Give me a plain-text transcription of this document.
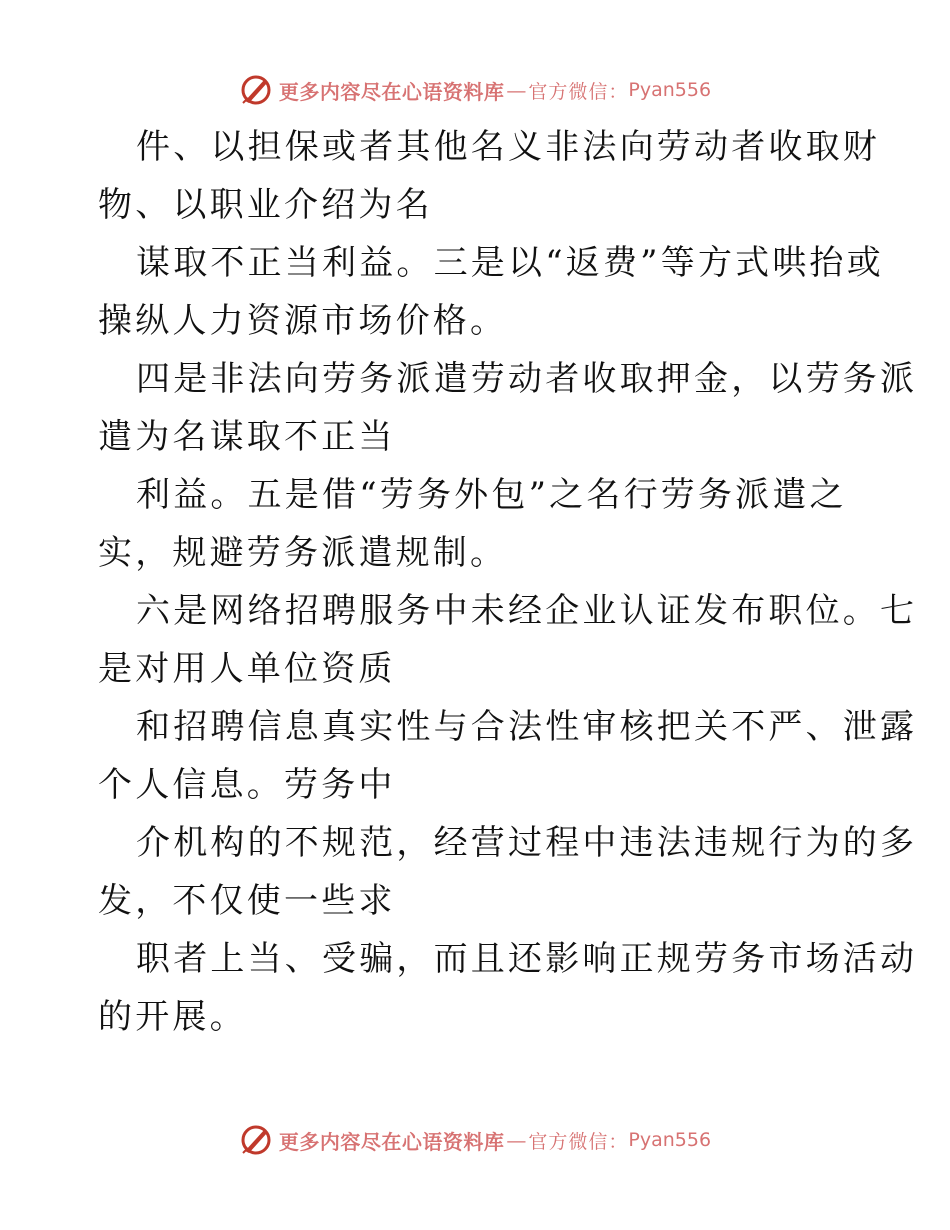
更多内容尽在心语资料库 — 官方微信： Pyan556
件、以担保或者其他名义非法向劳动者收取财
物、以职业介绍为名
谋取不正当利益。三是以“返费”等方式哄抬或
操纵人力资源市场价格。
四是非法向劳务派遣劳动者收取押金，以劳务派
遣为名谋取不正当
利益。五是借“劳务外包”之名行劳务派遣之
实，规避劳务派遣规制。
六是网络招聘服务中未经企业认证发布职位。七
是对用人单位资质
和招聘信息真实性与合法性审核把关不严、泄露
个人信息。劳务中
介机构的不规范，经营过程中违法违规行为的多
发，不仅使一些求
职者上当、受骗，而且还影响正规劳务市场活动
的开展。
更多内容尽在心语资料库 — 官方微信： Pyan556
